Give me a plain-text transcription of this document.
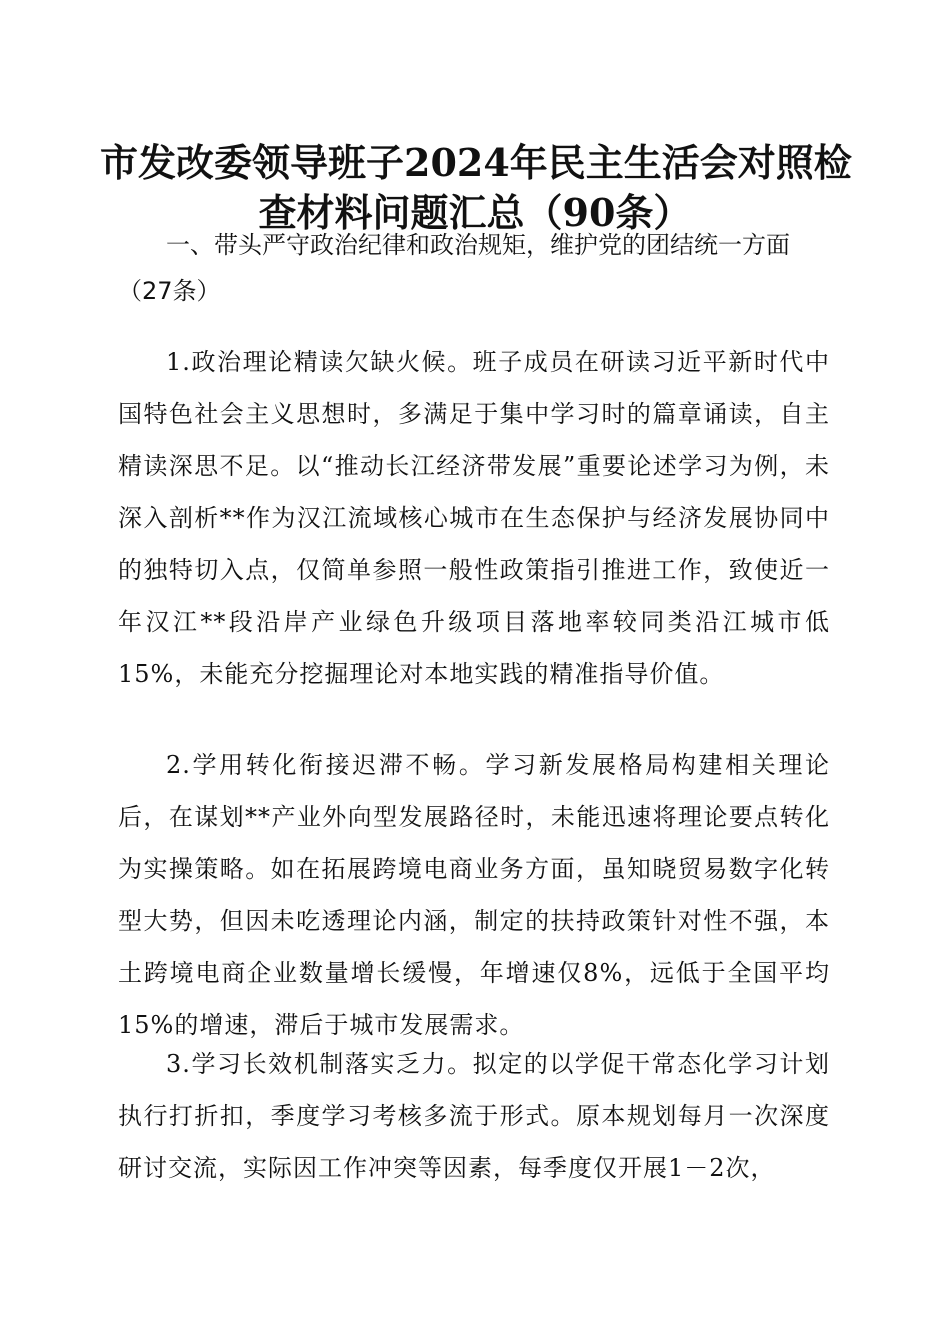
市发改委领导班子2024年民主生活会对照检
查材料问题汇总（90条）
一、带头严守政治纪律和政治规矩，维护党的团结统一方面（27条）
1.政治理论精读欠缺火候。班子成员在研读习近平新时代中国特色社会主义思想时，多满足于集中学习时的篇章诵读，自主精读深思不足。以“推动长江经济带发展”重要论述学习为例，未深入剖析**作为汉江流域核心城市在生态保护与经济发展协同中的独特切入点，仅简单参照一般性政策指引推进工作，致使近一年汉江**段沿岸产业绿色升级项目落地率较同类沿江城市低15%，未能充分挖掘理论对本地实践的精准指导价值。
2.学用转化衔接迟滞不畅。学习新发展格局构建相关理论后，在谋划**产业外向型发展路径时，未能迅速将理论要点转化为实操策略。如在拓展跨境电商业务方面，虽知晓贸易数字化转型大势，但因未吃透理论内涵，制定的扶持政策针对性不强，本土跨境电商企业数量增长缓慢，年增速仅8%，远低于全国平均15%的增速，滞后于城市发展需求。
3.学习长效机制落实乏力。拟定的以学促干常态化学习计划执行打折扣，季度学习考核多流于形式。原本规划每月一次深度研讨交流，实际因工作冲突等因素，每季度仅开展1－2次，
